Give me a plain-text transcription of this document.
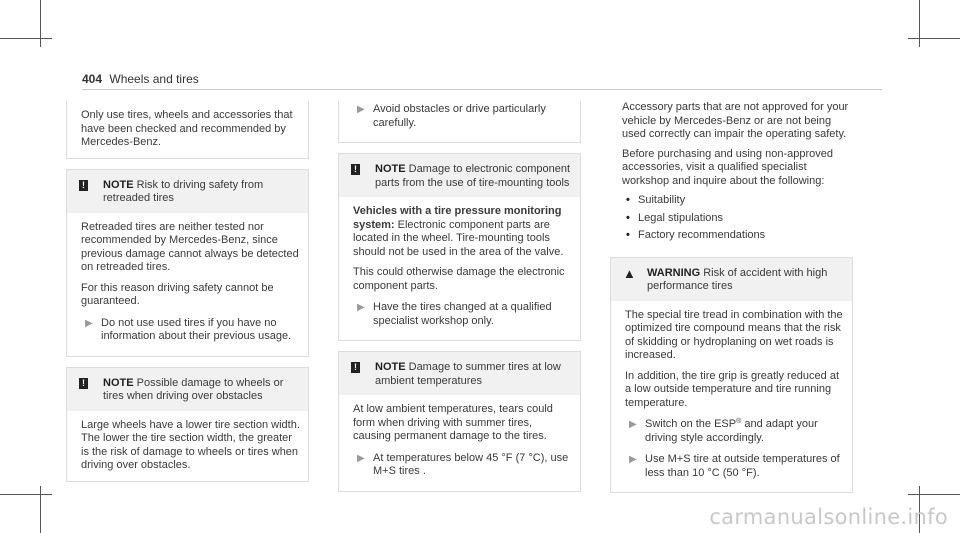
404 Wheels and tires

Only use tires, wheels and accessories that have been checked and recommended by Mercedes-Benz.

!	NOTE Risk to driving safety from retreaded tires

Retreaded tires are neither tested nor recommended by Mercedes-Benz, since previous damage cannot always be detected on retreaded tires.

For this reason driving safety cannot be guaranteed.

▶ Do not use used tires if you have no information about their previous usage.
!	NOTE Possible damage to wheels or tires when driving over obstacles

Large wheels have a lower tire section width. The lower the tire section width, the greater is the risk of damage to wheels or tires when driving over obstacles.

▶ Avoid obstacles or drive particularly carefully.
!	NOTE Damage to electronic component parts from the use of tire-mounting tools

Vehicles with a tire pressure monitoring system: Electronic component parts are located in the wheel. Tire-mounting tools should not be used in the area of the valve.

This could otherwise damage the electronic component parts.

▶ Have the tires changed at a qualified specialist workshop only.
!	NOTE Damage to summer tires at low ambient temperatures

At low ambient temperatures, tears could form when driving with summer tires, causing permanent damage to the tires.

▶ At temperatures below 45 °F (7 °C), use M+S tires .

Accessory parts that are not approved for your vehicle by Mercedes-Benz or are not being used correctly can impair the operating safety.

Before purchasing and using non-approved accessories, visit a qualified specialist workshop and inquire about the following:

• Suitability
• Legal stipulations
• Factory recommendations
▲	WARNING Risk of accident with high performance tires

The special tire tread in combination with the optimized tire compound means that the risk of skidding or hydroplaning on wet roads is increased.

In addition, the tire grip is greatly reduced at a low outside temperature and tire running temperature.

▶ Switch on the ESP® and adapt your driving style accordingly.
▶ Use M+S tire at outside temperatures of less than 10 °C (50 °F).
carmanualsonline.info
